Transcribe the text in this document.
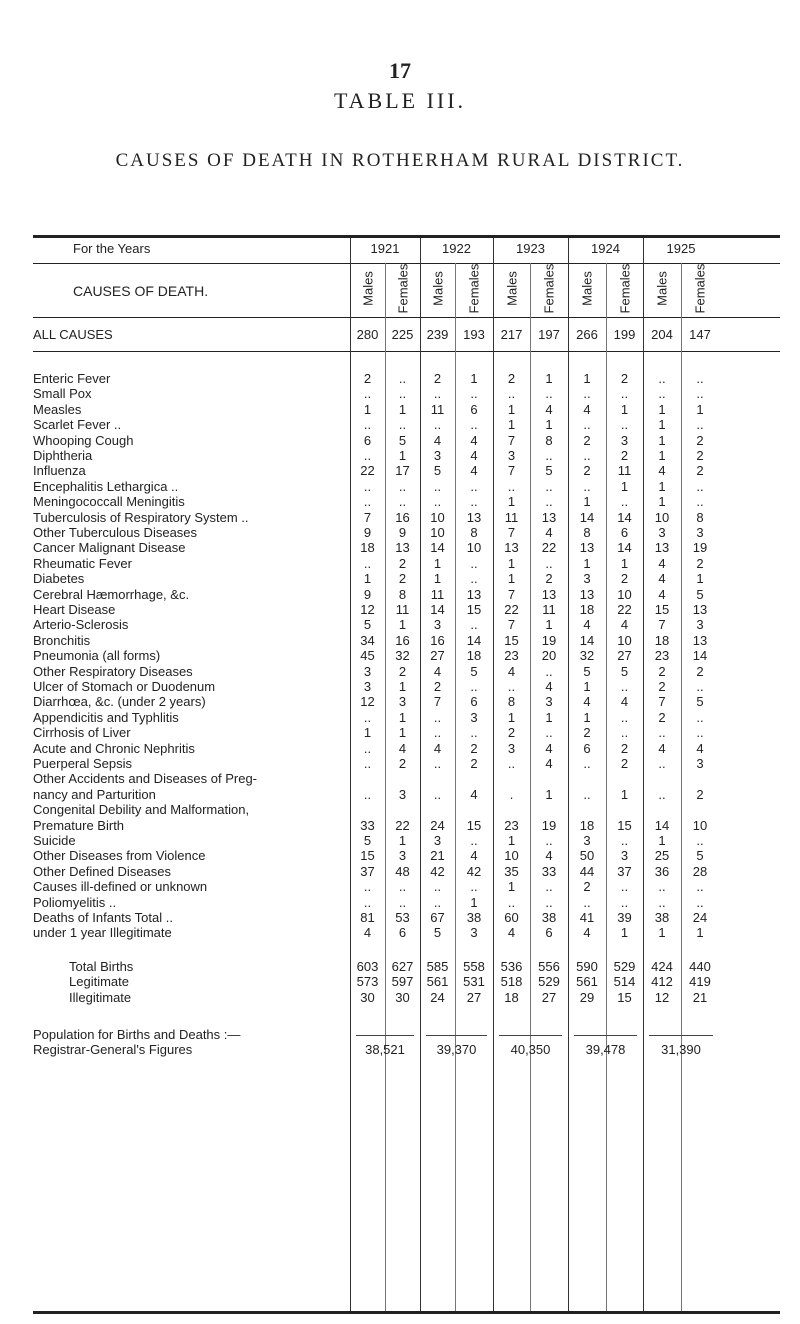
17
TABLE III.
CAUSES OF DEATH IN ROTHERHAM RURAL DISTRICT.
For the Years
CAUSES OF DEATH.
1921	1922	1923	1924	1925
Males Females Males Females Males Females Males Females Males Females
ALL CAUSES	280	225	239	193	217	197	266	199	204	147
Enteric Fever	2	..	2	1	2	1	1	2	..	..
Small Pox	..	..	..	..	..	..	..	..	..	..
Measles	1	1	11	6	1	4	4	1	1	1
Scarlet Fever ..	..	..	..	..	1	1	..	..	1	..
Whooping Cough	6	5	4	4	7	8	2	3	1	2
Diphtheria	..	1	3	4	3	..	..	2	1	2
Influenza	22	17	5	4	7	5	2	11	4	2
Encephalitis Lethargica ..	..	..	..	..	..	..	..	1	1	..
Meningococcall Meningitis	..	..	..	..	1	..	1	..	1	..
Tuberculosis of Respiratory System ..	7	16	10	13	11	13	14	14	10	8
Other Tuberculous Diseases	9	9	10	8	7	4	8	6	3	3
Cancer Malignant Disease	18	13	14	10	13	22	13	14	13	19
Rheumatic Fever	..	2	1	..	1	..	1	1	4	2
Diabetes	1	2	1	..	1	2	3	2	4	1
Cerebral Hæmorrhage, &c.	9	8	11	13	7	13	13	10	4	5
Heart Disease	12	11	14	15	22	11	18	22	15	13
Arterio-Sclerosis	5	1	3	..	7	1	4	4	7	3
Bronchitis	34	16	16	14	15	19	14	10	18	13
Pneumonia (all forms)	45	32	27	18	23	20	32	27	23	14
Other Respiratory Diseases	3	2	4	5	4	..	5	5	2	2
Ulcer of Stomach or Duodenum	3	1	2	..	..	4	1	..	2	..
Diarrhœa, &c. (under 2 years)	12	3	7	6	8	3	4	4	7	5
Appendicitis and Typhlitis	..	1	..	3	1	1	1	..	2	..
Cirrhosis of Liver	1	1	..	..	2	..	2	..	..	..
Acute and Chronic Nephritis	..	4	4	2	3	4	6	2	4	4
Puerperal Sepsis	..	2	..	2	..	4	..	2	..	3
Other Accidents and Diseases of Preg-
nancy and Parturition	..	3	..	4	.	1	..	1	..	2
Congenital Debility and Malformation,
Premature Birth	33	22	24	15	23	19	18	15	14	10
Suicide	5	1	3	..	1	..	3	..	1	..
Other Diseases from Violence	15	3	21	4	10	4	50	3	25	5
Other Defined Diseases	37	48	42	42	35	33	44	37	36	28
Causes ill-defined or unknown	..	..	..	..	1	..	2	..	..	..
Poliomyelitis ..	..	..	..	1	..	..	..	..	..	..
Deaths of Infants Total ..	81	53	67	38	60	38	41	39	38	24
under 1 year Illegitimate	4	6	5	3	4	6	4	1	1	1
Total Births	603	627	585	558	536	556	590	529	424	440
Legitimate	573	597	561	531	518	529	561	514	412	419
Illegitimate	30	30	24	27	18	27	29	15	12	21
Population for Births and Deaths :—
Registrar-General's Figures	38,521	39,370	40,350	39,478	31,390
